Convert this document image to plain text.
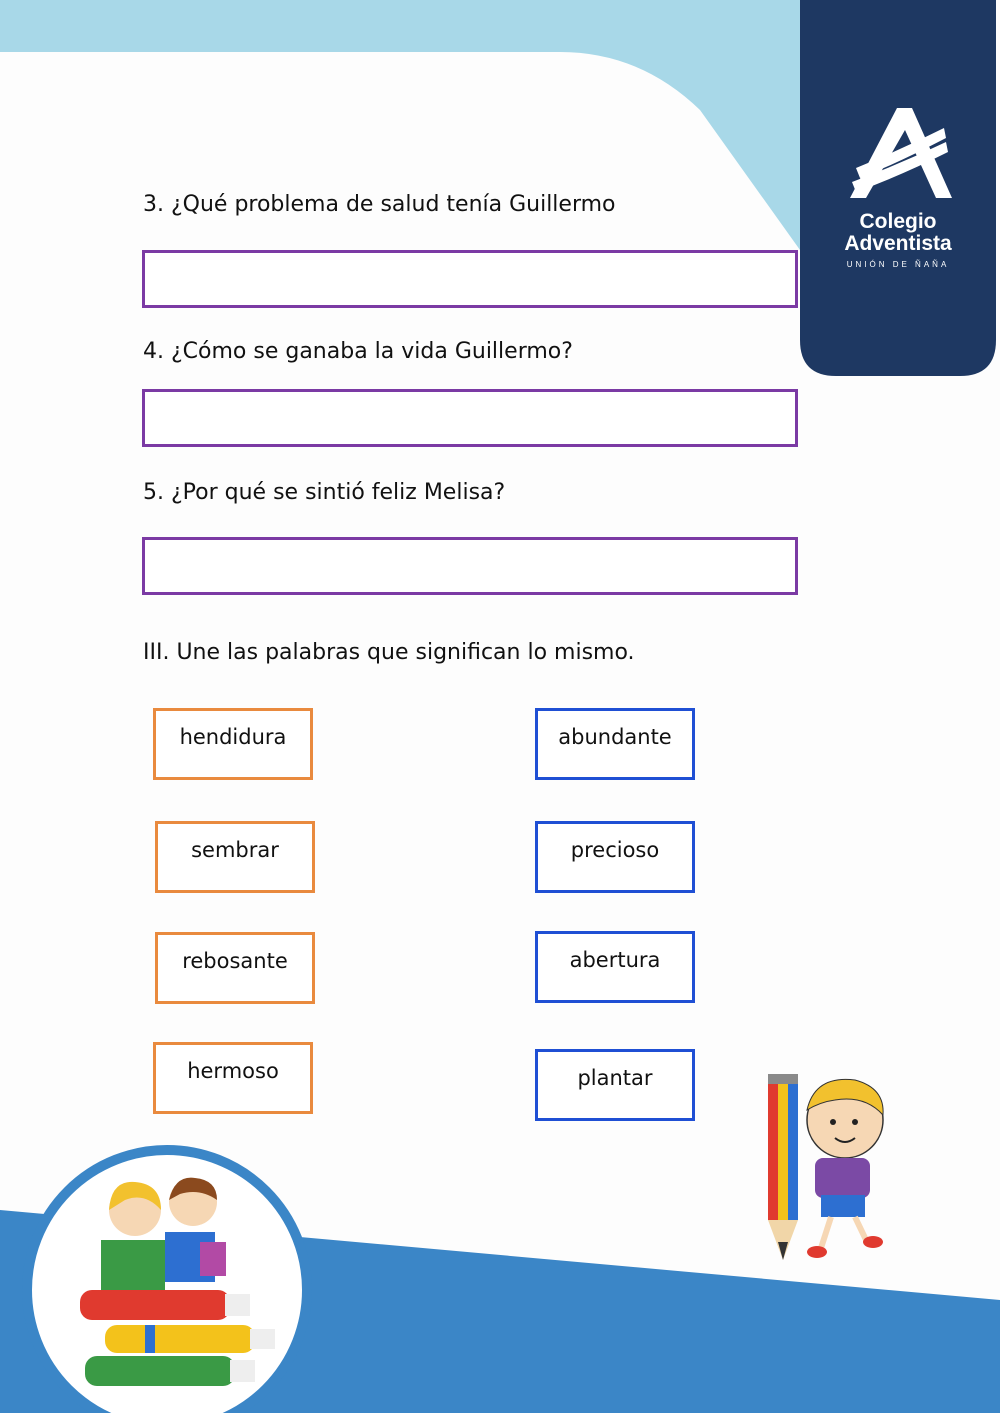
Colegio
Adventista
UNIÓN DE ÑAÑA
3. ¿Qué problema de salud tenía Guillermo
4. ¿Cómo se ganaba la vida Guillermo?
5. ¿Por qué se sintió feliz Melisa?
III. Une las palabras que significan lo mismo.
hendidura
sembrar
rebosante
hermoso
abundante
precioso
abertura
plantar
